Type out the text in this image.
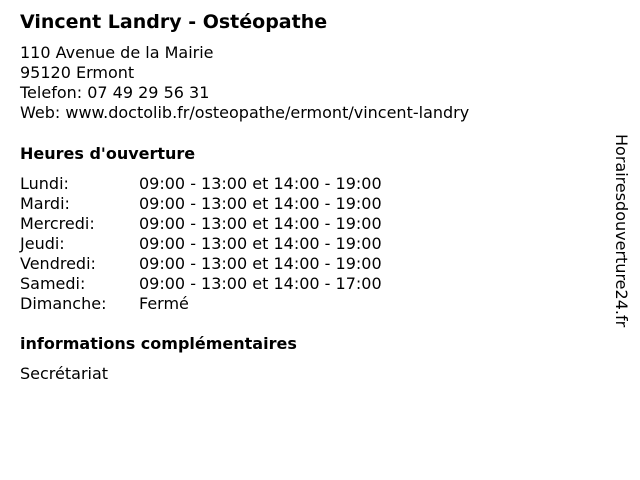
Vincent Landry - Ostéopathe
110 Avenue de la Mairie
95120 Ermont
Telefon: 07 49 29 56 31
Web: www.doctolib.fr/osteopathe/ermont/vincent-landry
Heures d'ouverture
Lundi:	09:00 - 13:00 et 14:00 - 19:00
Mardi:	09:00 - 13:00 et 14:00 - 19:00
Mercredi:	09:00 - 13:00 et 14:00 - 19:00
Jeudi:	09:00 - 13:00 et 14:00 - 19:00
Vendredi:	09:00 - 13:00 et 14:00 - 19:00
Samedi:	09:00 - 13:00 et 14:00 - 17:00
Dimanche:	Fermé
informations complémentaires
Secrétariat
Horairesdouverture24.fr
